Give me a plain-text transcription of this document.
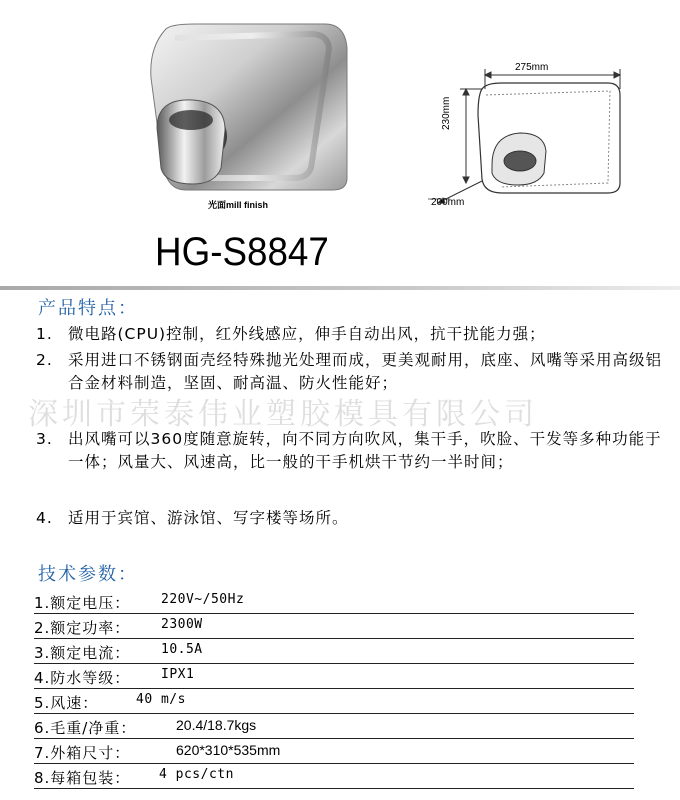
光面mill finish
275mm
230mm
200mm
HG-S8847
产品特点：
1. 微电路(CPU)控制，红外线感应，伸手自动出风，抗干扰能力强；
2. 采用进口不锈钢面壳经特殊抛光处理而成，更美观耐用，底座、风嘴等采用高级铝合金材料制造，坚固、耐高温、防火性能好；
3. 出风嘴可以360度随意旋转，向不同方向吹风，集干手，吹脸、干发等多种功能于一体；风量大、风速高，比一般的干手机烘干节约一半时间；
4. 适用于宾馆、游泳馆、写字楼等场所。
深圳市荣泰伟业塑胶模具有限公司
技术参数：
1.额定电压： 220V~/50Hz
2.额定功率： 2300W
3.额定电流： 10.5A
4.防水等级： IPX1
5.风速：	40 m/s
6.毛重/净重：	20.4/18.7kgs
7.外箱尺寸：	620*310*535mm
8.每箱包装： 4 pcs/ctn
